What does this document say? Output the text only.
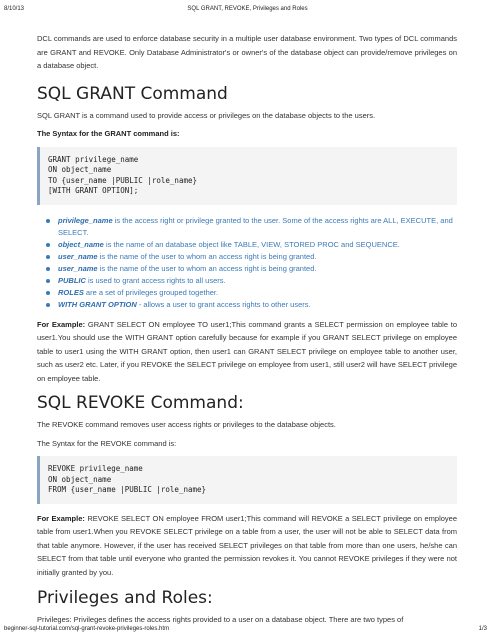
8/10/13	SQL GRANT, REVOKE, Privileges and Roles

DCL commands are used to enforce database security in a multiple user database environment. Two types of DCL commands are GRANT and REVOKE. Only Database Administrator's or owner's of the database object can provide/remove privileges on a database object.

SQL GRANT Command

SQL GRANT is a command used to provide access or privileges on the database objects to the users.

The Syntax for the GRANT command is:

GRANT privilege_name
ON object_name
TO {user_name |PUBLIC |role_name}
[WITH GRANT OPTION];
privilege_name is the access right or privilege granted to the user. Some of the access rights are ALL, EXECUTE, and SELECT.
object_name is the name of an database object like TABLE, VIEW, STORED PROC and SEQUENCE.
user_name is the name of the user to whom an access right is being granted.
user_name is the name of the user to whom an access right is being granted.
PUBLIC is used to grant access rights to all users.
ROLES are a set of privileges grouped together.
WITH GRANT OPTION - allows a user to grant access rights to other users.

For Example: GRANT SELECT ON employee TO user1;This command grants a SELECT permission on employee table to user1.You should use the WITH GRANT option carefully because for example if you GRANT SELECT privilege on employee table to user1 using the WITH GRANT option, then user1 can GRANT SELECT privilege on employee table to another user, such as user2 etc. Later, if you REVOKE the SELECT privilege on employee from user1, still user2 will have SELECT privilege on employee table.

SQL REVOKE Command:

The REVOKE command removes user access rights or privileges to the database objects.

The Syntax for the REVOKE command is:

REVOKE privilege_name
ON object_name
FROM {user_name |PUBLIC |role_name}

For Example: REVOKE SELECT ON employee FROM user1;This command will REVOKE a SELECT privilege on employee table from user1.When you REVOKE SELECT privilege on a table from a user, the user will not be able to SELECT data from that table anymore. However, if the user has received SELECT privileges on that table from more than one users, he/she can SELECT from that table until everyone who granted the permission revokes it. You cannot REVOKE privileges if they were not initially granted by you.

Privileges and Roles:

Privileges: Privileges defines the access rights provided to a user on a database object. There are two types of

beginner-sql-tutorial.com/sql-grant-revoke-privileges-roles.htm	1/3
